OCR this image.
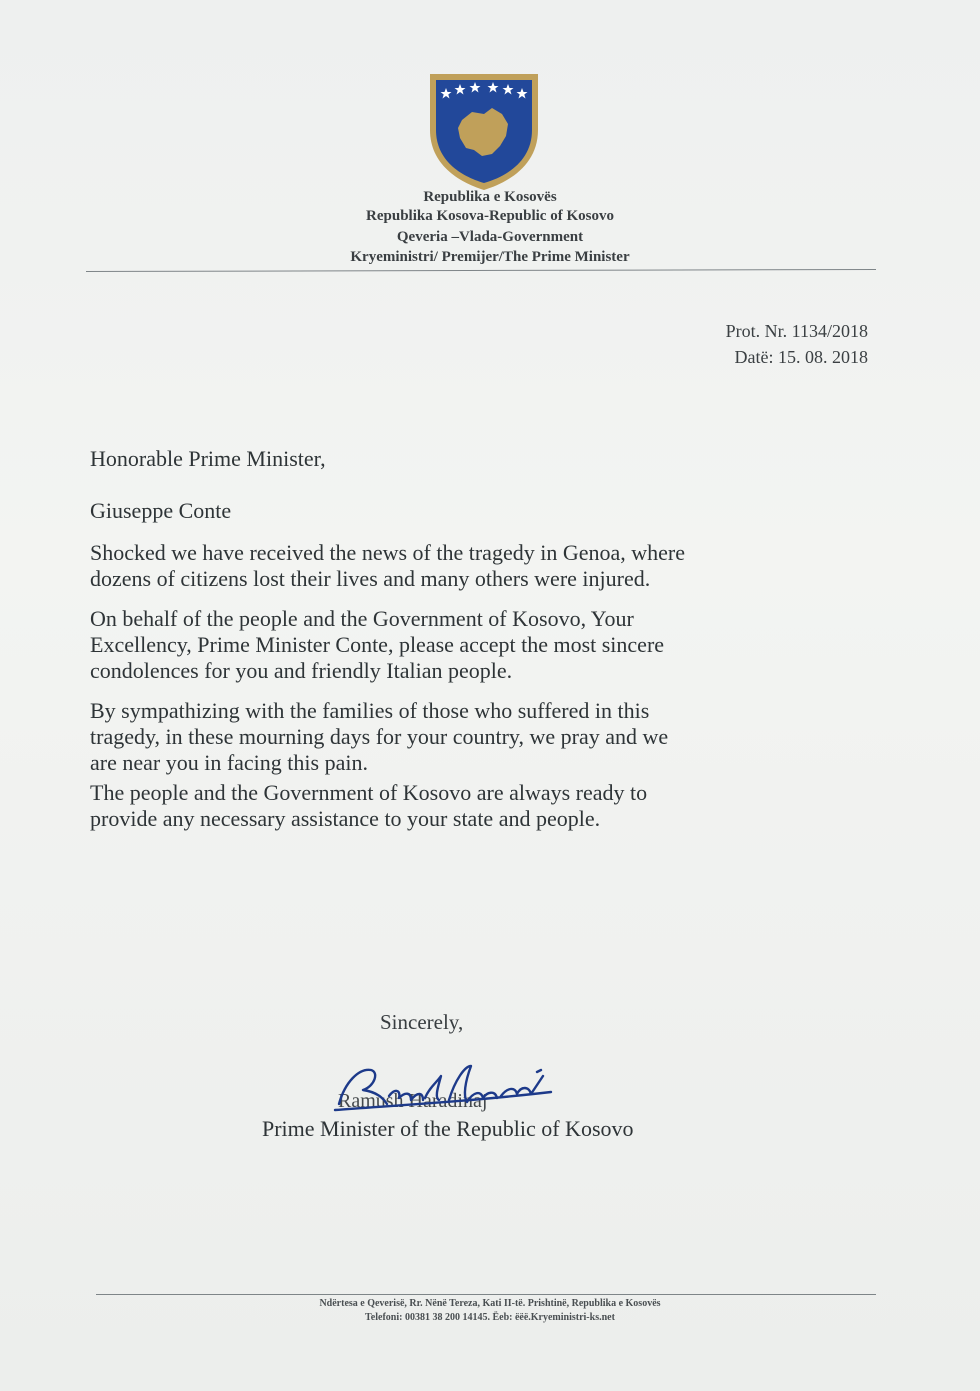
Republika e Kosovës
Republika Kosova-Republic of Kosovo
Qeveria –Vlada-Government
Kryeministri/ Premijer/The Prime Minister
Prot. Nr. 1134/2018
Datë: 15. 08. 2018

Honorable Prime Minister,

Giuseppe Conte

Shocked we have received the news of the tragedy in Genoa, where

dozens of citizens lost their lives and many others were injured.

On behalf of the people and the Government of Kosovo, Your

Excellency, Prime Minister Conte, please accept the most sincere

condolences for you and friendly Italian people.

By sympathizing with the families of those who suffered in this

tragedy, in these mourning days for your country, we pray and we

are near you in facing this pain.

The people and the Government of Kosovo are always ready to

provide any necessary assistance to your state and people.

Sincerely,
Ramush Haradinaj
Prime Minister of the Republic of Kosovo
Ndërtesa e Qeverisë, Rr. Nënë Tereza, Kati II-të. Prishtinë, Republika e Kosovës
Telefoni: 00381 38 200 14145. Ëeb: ëëë.Kryeministri-ks.net
